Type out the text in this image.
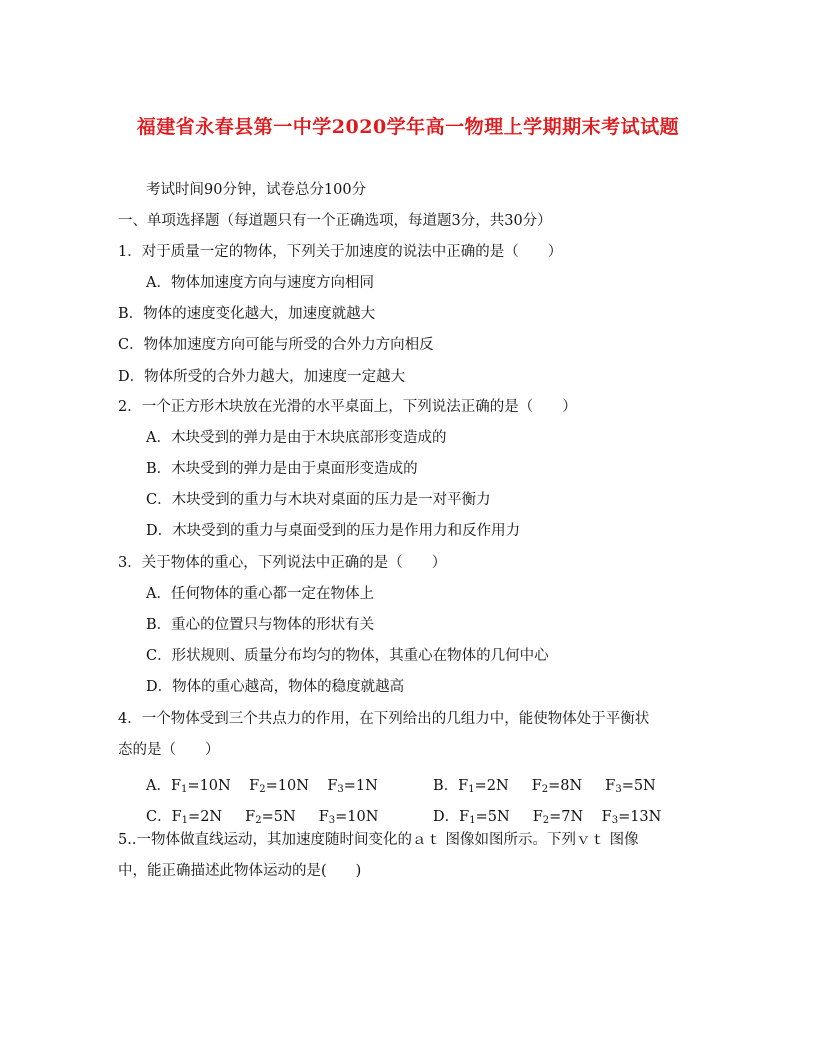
福建省永春县第一中学2020学年高一物理上学期期末考试试题
考试时间90分钟，试卷总分100分
一、单项选择题（每道题只有一个正确选项，每道题3分，共30分）
1．对于质量一定的物体，下列关于加速度的说法中正确的是（　　）
A．物体加速度方向与速度方向相同
B．物体的速度变化越大，加速度就越大
C．物体加速度方向可能与所受的合外力方向相反
D．物体所受的合外力越大，加速度一定越大
2．一个正方形木块放在光滑的水平桌面上，下列说法正确的是（　　）
A．木块受到的弹力是由于木块底部形变造成的
B．木块受到的弹力是由于桌面形变造成的
C．木块受到的重力与木块对桌面的压力是一对平衡力
D．木块受到的重力与桌面受到的压力是作用力和反作用力
3．关于物体的重心，下列说法中正确的是（　　）
A．任何物体的重心都一定在物体上
B．重心的位置只与物体的形状有关
C．形状规则、质量分布均匀的物体，其重心在物体的几何中心
D．物体的重心越高，物体的稳度就越高
4．一个物体受到三个共点力的作用，在下列给出的几组力中，能使物体处于平衡状
态的是（　　）
A．$F_1=10N$ $F_2=10N$ $F_3=1N$	B．$F_1=2N$ $F_2=8N$ $F_3=5N$
C．$F_1=2N$ $F_2=5N$ $F_3=10N$	D．$F_1=5N$ $F_2=7N$ $F_3=13N$
5..一物体做直线运动，其加速度随时间变化的ａｔ 图像如图所示。下列ｖｔ 图像
中，能正确描述此物体运动的是(　　)
